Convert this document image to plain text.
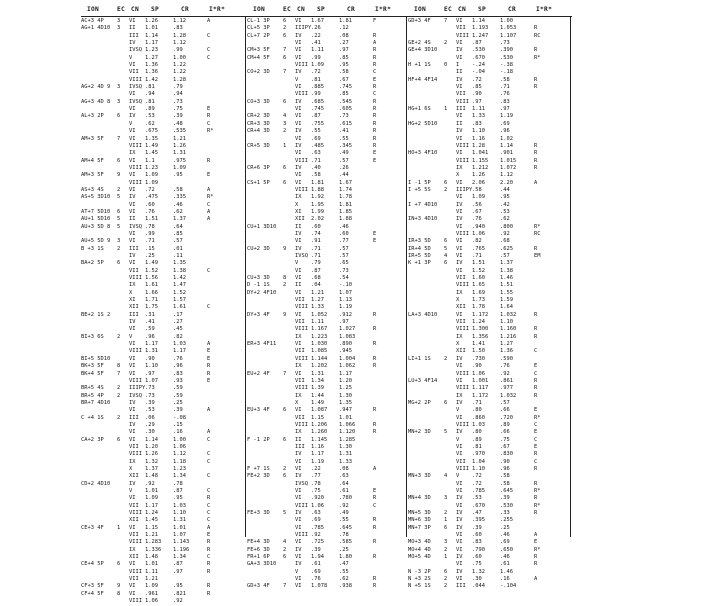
ION	EC CN SP	CR	I*R*
AC+3 4P 3 VI 1.26	1.12	A
AG+1 4D10 3 II 1.01	.83
III 1.14	1.28	C
IV 1.17	1.12
IVSQ 1.23	.99	C
V 1.27	1.00	C
VI 1.36	1.22
VII 1.36	1.22
VIII 1.42	1.28
AG+2 4D 9 3 IVSQ .81	.79
VI .94	.94
AG+3 4D 8 3 IVSQ .81	.73
VI .89	.75	E
AL+3 2P 6 IV .53	.39	R
V .62	.48	C
VI .675	.535	R*
AM+3 5F 7 VI 1.35	1.21
VIII 1.49	1.26
IX 1.45	1.31
AM+4 5F 6 VI 1.1	.975	R
VIII 1.23	1.09
AM+3 5F 9 VI 1.09	.95	E
VIII 1.09
AS+3 4S 2 VI .72	.58	A
AS+5 3D10 5 IV .475	.335	R*
VI .60	.46	C
AT+7 5D10 6 VI .76	.62	A
AU+1 5D10 5 II 1.51	1.37	A
AU+3 5D 8 5 IVSQ .78	.64
VI .99	.85
AU+5 5D 9 3 VI .71	.57
B +3 1S 2 III .15	.01
IV .25	.11
BA+2 5P 6 VI 1.49	1.35
VII 1.52	1.38	C
VIII 1.56	1.42
IX 1.61	1.47
X 1.66	1.52
XI 1.71	1.57
XII 1.75	1.61	C
BE+2 1S 2	III .31	.17
IV .41	.27
VI .59	.45
BI+3 6S 2 V .96	.82
VI 1.17	1.03	A
VIII 1.31	1.17	E
BI+5 5D10	VI .90	.76	E
BK+3 5F 8 VI 1.10	.96	R
BK+4 5F 7 VI .97	.83	R
VIII 1.07	.93	E
BR+5 4S 2 IIIPY .73	.59
BR+5 4P 2 IVSQ .73	.59
BR+7 4D10	IV .39	.25
VI .53	.39	A
C +4 1S 2 III .06	-.08
IV .29	.15
VI .30	.16	A
CA+2 3P 6 VI 1.14	1.00	C
VII 1.20	1.06
VIII 1.26	1.12	C
IX 1.32	1.18	C
X 1.37	1.23
XII 1.48	1.34	C
CD+2 4D10	IV .92	.78
V 1.01	.87	C
VI 1.09	.95	R
VII 1.17	1.03	C
VIII 1.24	1.10	C
XII 1.45	1.31	C
CE+3 4F 1 VI 1.15	1.01	A
VII 1.21	1.07	E
VIII 1.283 1.143	R
IX 1.336 1.196	R
XII 1.48	1.34	C
CE+4 5P 6 VI 1.01	.87	R
VIII 1.11	.97	R
VII 1.21
CF+3 5F 9 VI 1.09	.95	R
CF+4 5F 8 VI .961	.821	R
VIII 1.06	.92
ION	EC CN SP	CR	I*R*
CL-1 3P 6 VI 1.67	1.81	F
CL+5 3P 2 IIIPY .26	.12
CL+7 2P 6 IV .22	.08	R
VI .41	.27	A
CM+3 5F 7 VI 1.11	.97	R
CM+4 5F 6 VI .99	.85	R
VIII 1.09	.95	R
CO+2 3D 7 IV .72	.58	C
V .81	.67	E
VI .885	.745	R
VIII .99	.85	C
CO+3 3D 6 IV .685	.545	R
VI .745	.605	R
CR+2 3D 4 VI .87	.73	R
CR+3 3D 3 VI .755	.615	R
CR+4 3D 2 IV .55	.41	R
VI .69	.55	R
CR+5 3D 1 IV .485	.345	R
VI .63	.49	E
VIII .71	.57	E
CR+6 3P 6 IV .40	.26
VI .58	.44
CS+1 5P 6 VI 1.81	1.67
VIII 1.88	1.74
IX 1.92	1.78
X 1.95	1.81
XI 1.99	1.85
XII 2.02	1.88
CU+1 3D10	II .60	.46
IV .74	.60	E
VI .91	.77	E
CU+2 3D 9 IV .71	.57
IVSQ .71	.57
V .79	.65
VI .87	.73
CU+3 3D 8 VI .68	.54
D -1 1S 2 II .04	-.10
DY+2 4F10	VI 1.21	1.07
VII 1.27	1.13
VIII 1.33	1.19
DY+3 4F 9 VI 1.052 .912	R
VII 1.11	.97
VIII 1.167 1.027	R
IX 1.223 1.083
ER+3 4F11	VI 1.030 .890	R
VII 1.085 .945
VIII 1.144 1.004	R
IX 1.202 1.062	R
EU+2 4F 7 VI 1.31	1.17
VII 1.34	1.20
VIII 1.39	1.25
IX 1.44	1.30
X 1.49	1.35
EU+3 4F 6 VI 1.087 .947	R
VII 1.15	1.01
VIII 1.206 1.066	R
IX 1.260 1.120	R
F -1 2P 6 II 1.145 1.285
III 1.16	1.30
IV 1.17	1.31
VI 1.19	1.33
F +7 1S 2 VI .22	.08	A
FE+2 3D 6 IV .77	.63
IVSQ .78	.64
VI .75	.61	E
VI .920	.780	R
VIII 1.06	.92	C
FE+3 3D 5 IV .63	.49
VI .69	.55	R
VI .785	.645	R
VIII .92	.78
FE+4 3D 4 VI .725	.585	R
FE+6 3D 2 IV .39	.25
FR+1 6P 6 VI 1.94	1.80	R
GA+3 3D10	IV .61	.47
V .69	.55
VI .76	.62	R
GD+3 4F 7 VI 1.078 .938	R
ION	EC CN SP	CR	I*R*
GD+3 4F 7 VI 1.14	1.00
VII 1.193 1.053	R
VIII 1.247 1.107	RC
GE+2 4S 2 VI .87	.73
GE+4 3D10	IV .530	.390	R
VI .670	.530	R*
H +1 1S 0 I -.24	-.38
II -.04	-.18
HF+4 4F14	IV .72	.58	R
VI .85	.71	R
VII .90	.76
VIII .97	.83
HG+1 6S 1 III 1.11	.97
VI 1.33	1.19
HG+2 5D10	II .83	.69
IV 1.10	.96
VI 1.16	1.02
VIII 1.28	1.14	R
HO+3 4F10	VI 1.041 .901	R
VIII 1.155 1.015	R
IX 1.212 1.072	R
X 1.26	1.12
I -1 5P 6 VI 2.06	2.20	A
I +5 5S 2 IIIPY .58	.44
VI 1.09	.95
I +7 4D10	IV .56	.42
VI .67	.53
IN+3 4D10	IV .76	.62
VI .940	.800	R*
VIII 1.06	.92	RC
IR+3 5D 6 VI .82	.68
IR+4 5D 5 VI .765	.625	R
IR+5 5D 4 VI .71	.57	EM
K +1 3P 6 IV 1.51	1.37
VI 1.52	1.38
VII 1.60	1.46
VIII 1.65	1.51
IX 1.69	1.55
X 1.73	1.59
XII 1.78	1.64
LA+3 4D10	VI 1.172 1.032	R
VII 1.24	1.10
VIII 1.300 1.160	R
IX 1.356 1.216	R
X 1.41	1.27
XII 1.50	1.36	C
LI+1 1S 2 IV .730	.590
VI .90	.76	E
VIII 1.06	.92	C
LU+3 4F14	VI 1.001 .861	R
VIII 1.117 .977	R
IX 1.172 1.032	R
MG+2 2P 6 IV .71	.57
V .80	.66	E
VI .860	.720	R*
VIII 1.03	.89	C
MN+2 3D 5 IV .80	.66	E
V .89	.75	C
VI .81	.67	E
VI .970	.830	R
VII 1.04	.90	C
VIII 1.10	.96	R
MN+3 3D 4 V .72	.58
VI .72	.58	R
VI .785	.645	R*
MN+4 3D 3 IV .53	.39	R
VI .670	.530	R*
MN+5 3D 2 IV .47	.33	R
MN+6 3D 1 IV .395	.255
MN+7 3P 6 IV .39	.25
VI .60	.46	A
MO+3 4D 3 VI .83	.69	E
MO+4 4D 2 VI .790	.650	R*
MO+5 4D 1 IV .60	.46	R
VI .75	.61	R
N -3 2P 6 IV 1.32	1.46
N +3 2S 2 VI .30	.16	A
N +5 1S 2 III .044	-.104
